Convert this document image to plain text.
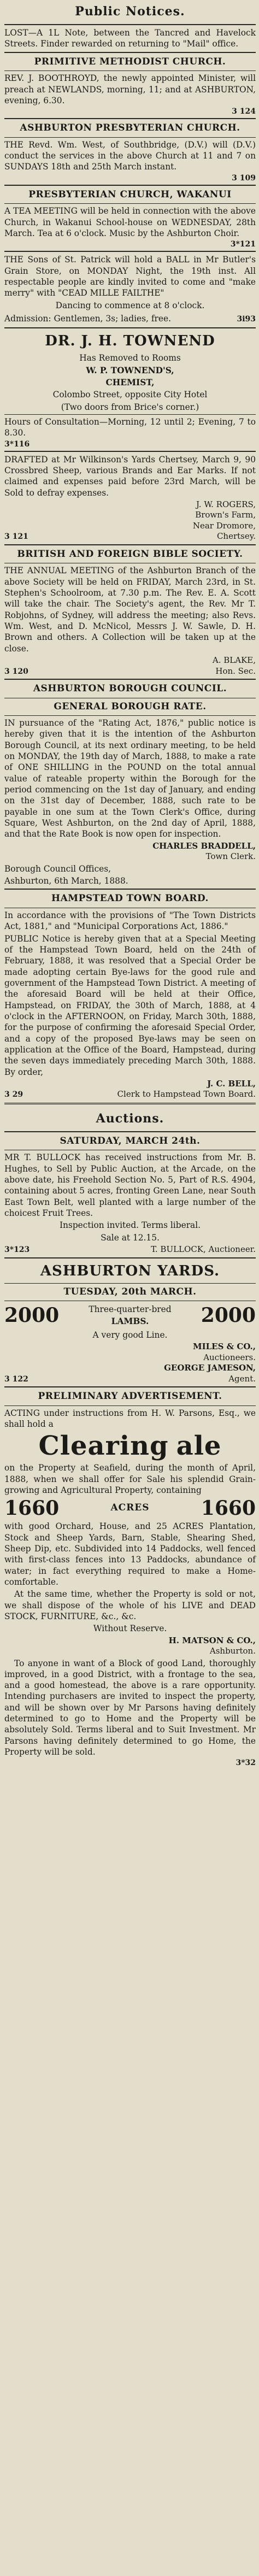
Public Notices.

LOST—A 1L Note, between the Tancred and Havelock Streets. Finder rewarded on returning to "Mail" office.

PRIMITIVE METHODIST CHURCH.

REV. J. BOOTHROYD, the newly appointed Minister, will preach at NEWLANDS, morning, 11; and at ASHBURTON, evening, 6.30.

3 124
ASHBURTON PRESBYTERIAN CHURCH.

THE Revd. Wm. West, of Southbridge, (D.V.) will (D.V.) conduct the services in the above Church at 11 and 7 on SUNDAYS 18th and 25th March instant.

3 109
PRESBYTERIAN CHURCH, WAKANUI

A TEA MEETING will be held in connection with the above Church, in Wakanui School-house on WEDNESDAY, 28th March. Tea at 6 o'clock. Music by the Ashburton Choir.

3*121

THE Sons of St. Patrick will hold a BALL in Mr Butler's Grain Store, on MONDAY Night, the 19th inst. All respectable people are kindly invited to come and "make merry" with "CEAD MILLE FAILTHE"

Dancing to commence at 8 o'clock.
Admission: Gentlemen, 3s; ladies, free.	3i93
DR. J. H. TOWNEND
Has Removed to Rooms
W. P. TOWNEND'S,
CHEMIST,
Colombo Street, opposite City Hotel
(Two doors from Brice's corner.)

Hours of Consultation—Morning, 12 until 2; Evening, 7 to 8.30.

3*116

DRAFTED at Mr Wilkinson's Yards Chertsey, March 9, 90 Crossbred Sheep, various Brands and Ear Marks. If not claimed and expenses paid before 23rd March, will be Sold to defray expenses.

J. W. ROGERS,
Brown's Farm,
Near Dromore,
3 121	Chertsey.
BRITISH AND FOREIGN BIBLE SOCIETY.

THE ANNUAL MEETING of the Ashburton Branch of the above Society will be held on FRIDAY, March 23rd, in St. Stephen's Schoolroom, at 7.30 p.m. The Rev. E. A. Scott will take the chair. The Society's agent, the Rev. Mr T. Robjohns, of Sydney, will address the meeting; also Revs. Wm. West, and D. McNicol, Messrs J. W. Sawle, D. H. Brown and others. A Collection will be taken up at the close.

A. BLAKE,
3 120	Hon. Sec.
ASHBURTON BOROUGH COUNCIL.
GENERAL BOROUGH RATE.

IN pursuance of the "Rating Act, 1876," public notice is hereby given that it is the intention of the Ashburton Borough Council, at its next ordinary meeting, to be held on MONDAY, the 19th day of March, 1888, to make a rate of ONE SHILLING in the POUND on the total annual value of rateable property within the Borough for the period commencing on the 1st day of January, and ending on the 31st day of December, 1888, such rate to be payable in one sum at the Town Clerk's Office, during Square, West Ashburton, on the 2nd day of April, 1888, and that the Rate Book is now open for inspection.

CHARLES BRADDELL,
Town Clerk.
Borough Council Offices,
Ashburton, 6th March, 1888.
HAMPSTEAD TOWN BOARD.

In accordance with the provisions of "The Town Districts Act, 1881," and "Municipal Corporations Act, 1886."

PUBLIC Notice is hereby given that at a Special Meeting of the Hampstead Town Board, held on the 24th of February, 1888, it was resolved that a Special Order be made adopting certain Bye-laws for the good rule and government of the Hampstead Town District. A meeting of the aforesaid Board will be held at their Office, Hampstead, on FRIDAY, the 30th of March, 1888, at 4 o'clock in the AFTERNOON, on Friday, March 30th, 1888, for the purpose of confirming the aforesaid Special Order, and a copy of the proposed Bye-laws may be seen on application at the Office of the Board, Hampstead, during the seven days immediately preceding March 30th, 1888. By order,

J. C. BELL,
3 29	Clerk to Hampstead Town Board.
Auctions.
SATURDAY, MARCH 24th.

MR T. BULLOCK has received instructions from Mr. B. Hughes, to Sell by Public Auction, at the Arcade, on the above date, his Freehold Section No. 5, Part of R.S. 4904, containing about 5 acres, fronting Green Lane, near South East Town Belt, well planted with a large number of the choicest Fruit Trees.

Inspection invited. Terms liberal.
Sale at 12.15.
3*123	T. BULLOCK, Auctioneer.
ASHBURTON YARDS.
TUESDAY, 20th MARCH.
2000	Three-quarter-bred
LAMBS.	2000
A very good Line.
MILES & CO.,
Auctioneers.
GEORGE JAMESON,
3 122	Agent.
PRELIMINARY ADVERTISEMENT.

ACTING under instructions from H. W. Parsons, Esq., we shall hold a

Clearing ale

on the Property at Seafield, during the month of April, 1888, when we shall offer for Sale his splendid Grain-growing and Agricultural Property, containing

1660	ACRES	1660

with good Orchard, House, and 25 ACRES Plantation, Stock and Sheep Yards, Barn, Stable, Shearing Shed, Sheep Dip, etc. Subdivided into 14 Paddocks, well fenced with first-class fences into 13 Paddocks, abundance of water; in fact everything required to make a Home-comfortable.

At the same time, whether the Property is sold or not, we shall dispose of the whole of his LIVE and DEAD STOCK, FURNITURE, &c., &c.

Without Reserve.
H. MATSON & CO.,
Ashburton.

To anyone in want of a Block of good Land, thoroughly improved, in a good District, with a frontage to the sea, and a good homestead, the above is a rare opportunity. Intending purchasers are invited to inspect the property, and will be shown over by Mr Parsons having definitely determined to go to Home and the Property will be absolutely Sold. Terms liberal and to Suit Investment. Mr Parsons having definitely determined to go Home, the Property will be sold.

3*32
